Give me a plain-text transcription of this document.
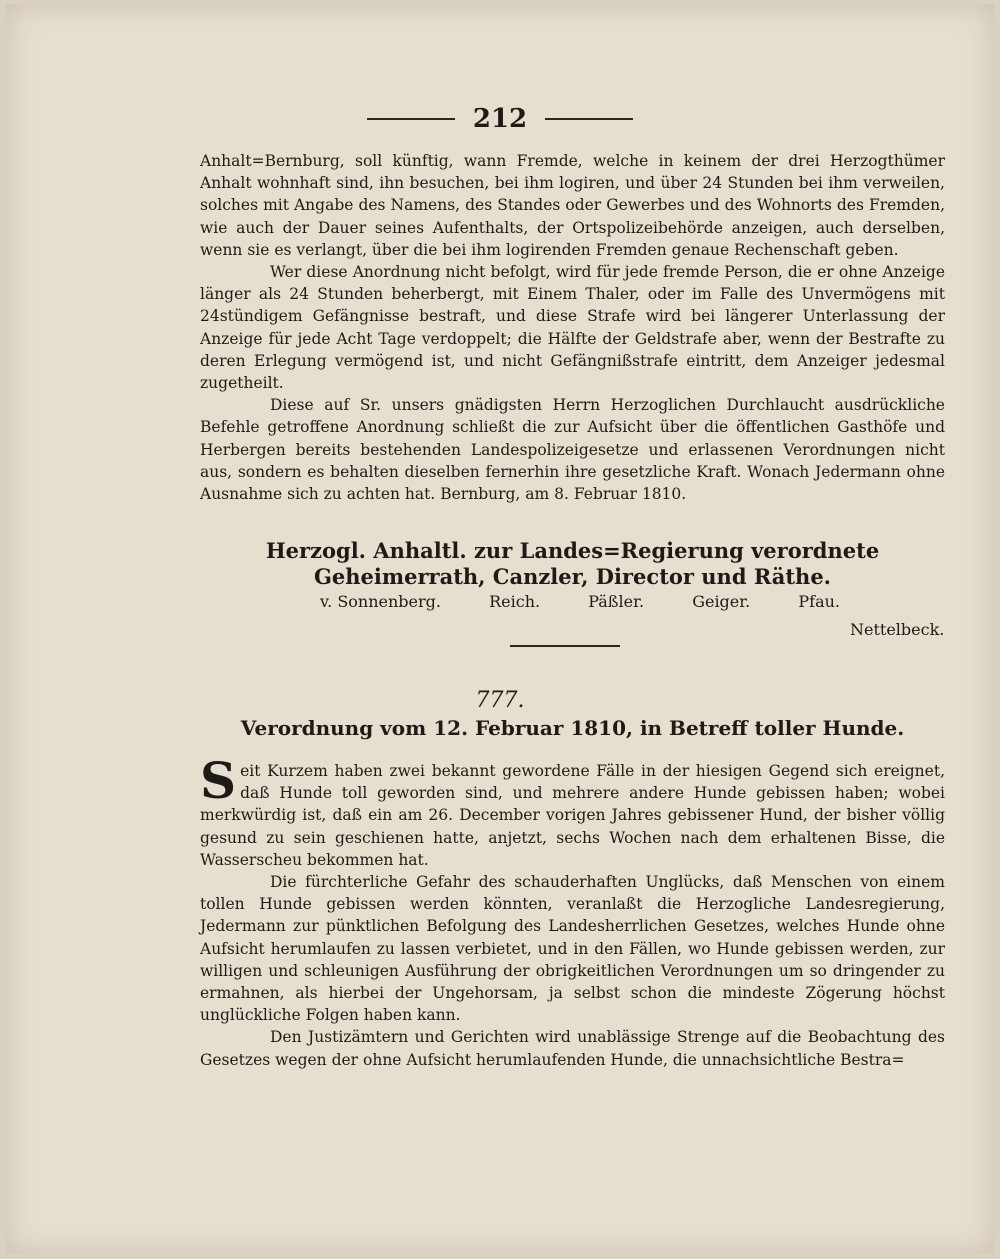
212

Anhalt=Bernburg, soll künftig, wann Fremde, welche in keinem der drei Herzogthümer Anhalt wohnhaft sind, ihn besuchen, bei ihm logiren, und über 24 Stunden bei ihm verweilen, solches mit Angabe des Namens, des Standes oder Gewerbes und des Wohnorts des Fremden, wie auch der Dauer seines Aufenthalts, der Ortspolizeibehörde anzeigen, auch derselben, wenn sie es verlangt, über die bei ihm logirenden Fremden genaue Rechenschaft geben.

Wer diese Anordnung nicht befolgt, wird für jede fremde Person, die er ohne Anzeige länger als 24 Stunden beherbergt, mit Einem Thaler, oder im Falle des Unvermögens mit 24stündigem Gefängnisse bestraft, und diese Strafe wird bei längerer Unterlassung der Anzeige für jede Acht Tage verdoppelt; die Hälfte der Geldstrafe aber, wenn der Bestrafte zu deren Erlegung vermögend ist, und nicht Gefängnißstrafe eintritt, dem Anzeiger jedesmal zugetheilt.

Diese auf Sr. unsers gnädigsten Herrn Herzoglichen Durchlaucht ausdrückliche Befehle getroffene Anordnung schließt die zur Aufsicht über die öffentlichen Gasthöfe und Herbergen bereits bestehenden Landespolizeigesetze und erlassenen Verordnungen nicht aus, sondern es behalten dieselben fernerhin ihre gesetzliche Kraft. Wonach Jedermann ohne Ausnahme sich zu achten hat. Bernburg, am 8. Februar 1810.

Herzogl. Anhaltl. zur Landes=Regierung verordnete Geheimerrath, Canzler, Director und Räthe.
v. Sonnenberg.	Reich.	Päßler.	Geiger.	Pfau.
Nettelbeck.
777.
Verordnung vom 12. Februar 1810, in Betreff toller Hunde.

Seit Kurzem haben zwei bekannt gewordene Fälle in der hiesigen Gegend sich ereignet, daß Hunde toll geworden sind, und mehrere andere Hunde gebissen haben; wobei merkwürdig ist, daß ein am 26. December vorigen Jahres gebissener Hund, der bisher völlig gesund zu sein geschienen hatte, anjetzt, sechs Wochen nach dem erhaltenen Bisse, die Wasserscheu bekommen hat.

Die fürchterliche Gefahr des schauderhaften Unglücks, daß Menschen von einem tollen Hunde gebissen werden könnten, veranlaßt die Herzogliche Landesregierung, Jedermann zur pünktlichen Befolgung des Landesherrlichen Gesetzes, welches Hunde ohne Aufsicht herumlaufen zu lassen verbietet, und in den Fällen, wo Hunde gebissen werden, zur willigen und schleunigen Ausführung der obrigkeitlichen Verordnungen um so dringender zu ermahnen, als hierbei der Ungehorsam, ja selbst schon die mindeste Zögerung höchst unglückliche Folgen haben kann.

Den Justizämtern und Gerichten wird unablässige Strenge auf die Beobachtung des Gesetzes wegen der ohne Aufsicht herumlaufenden Hunde, die unnachsichtliche Bestra=
